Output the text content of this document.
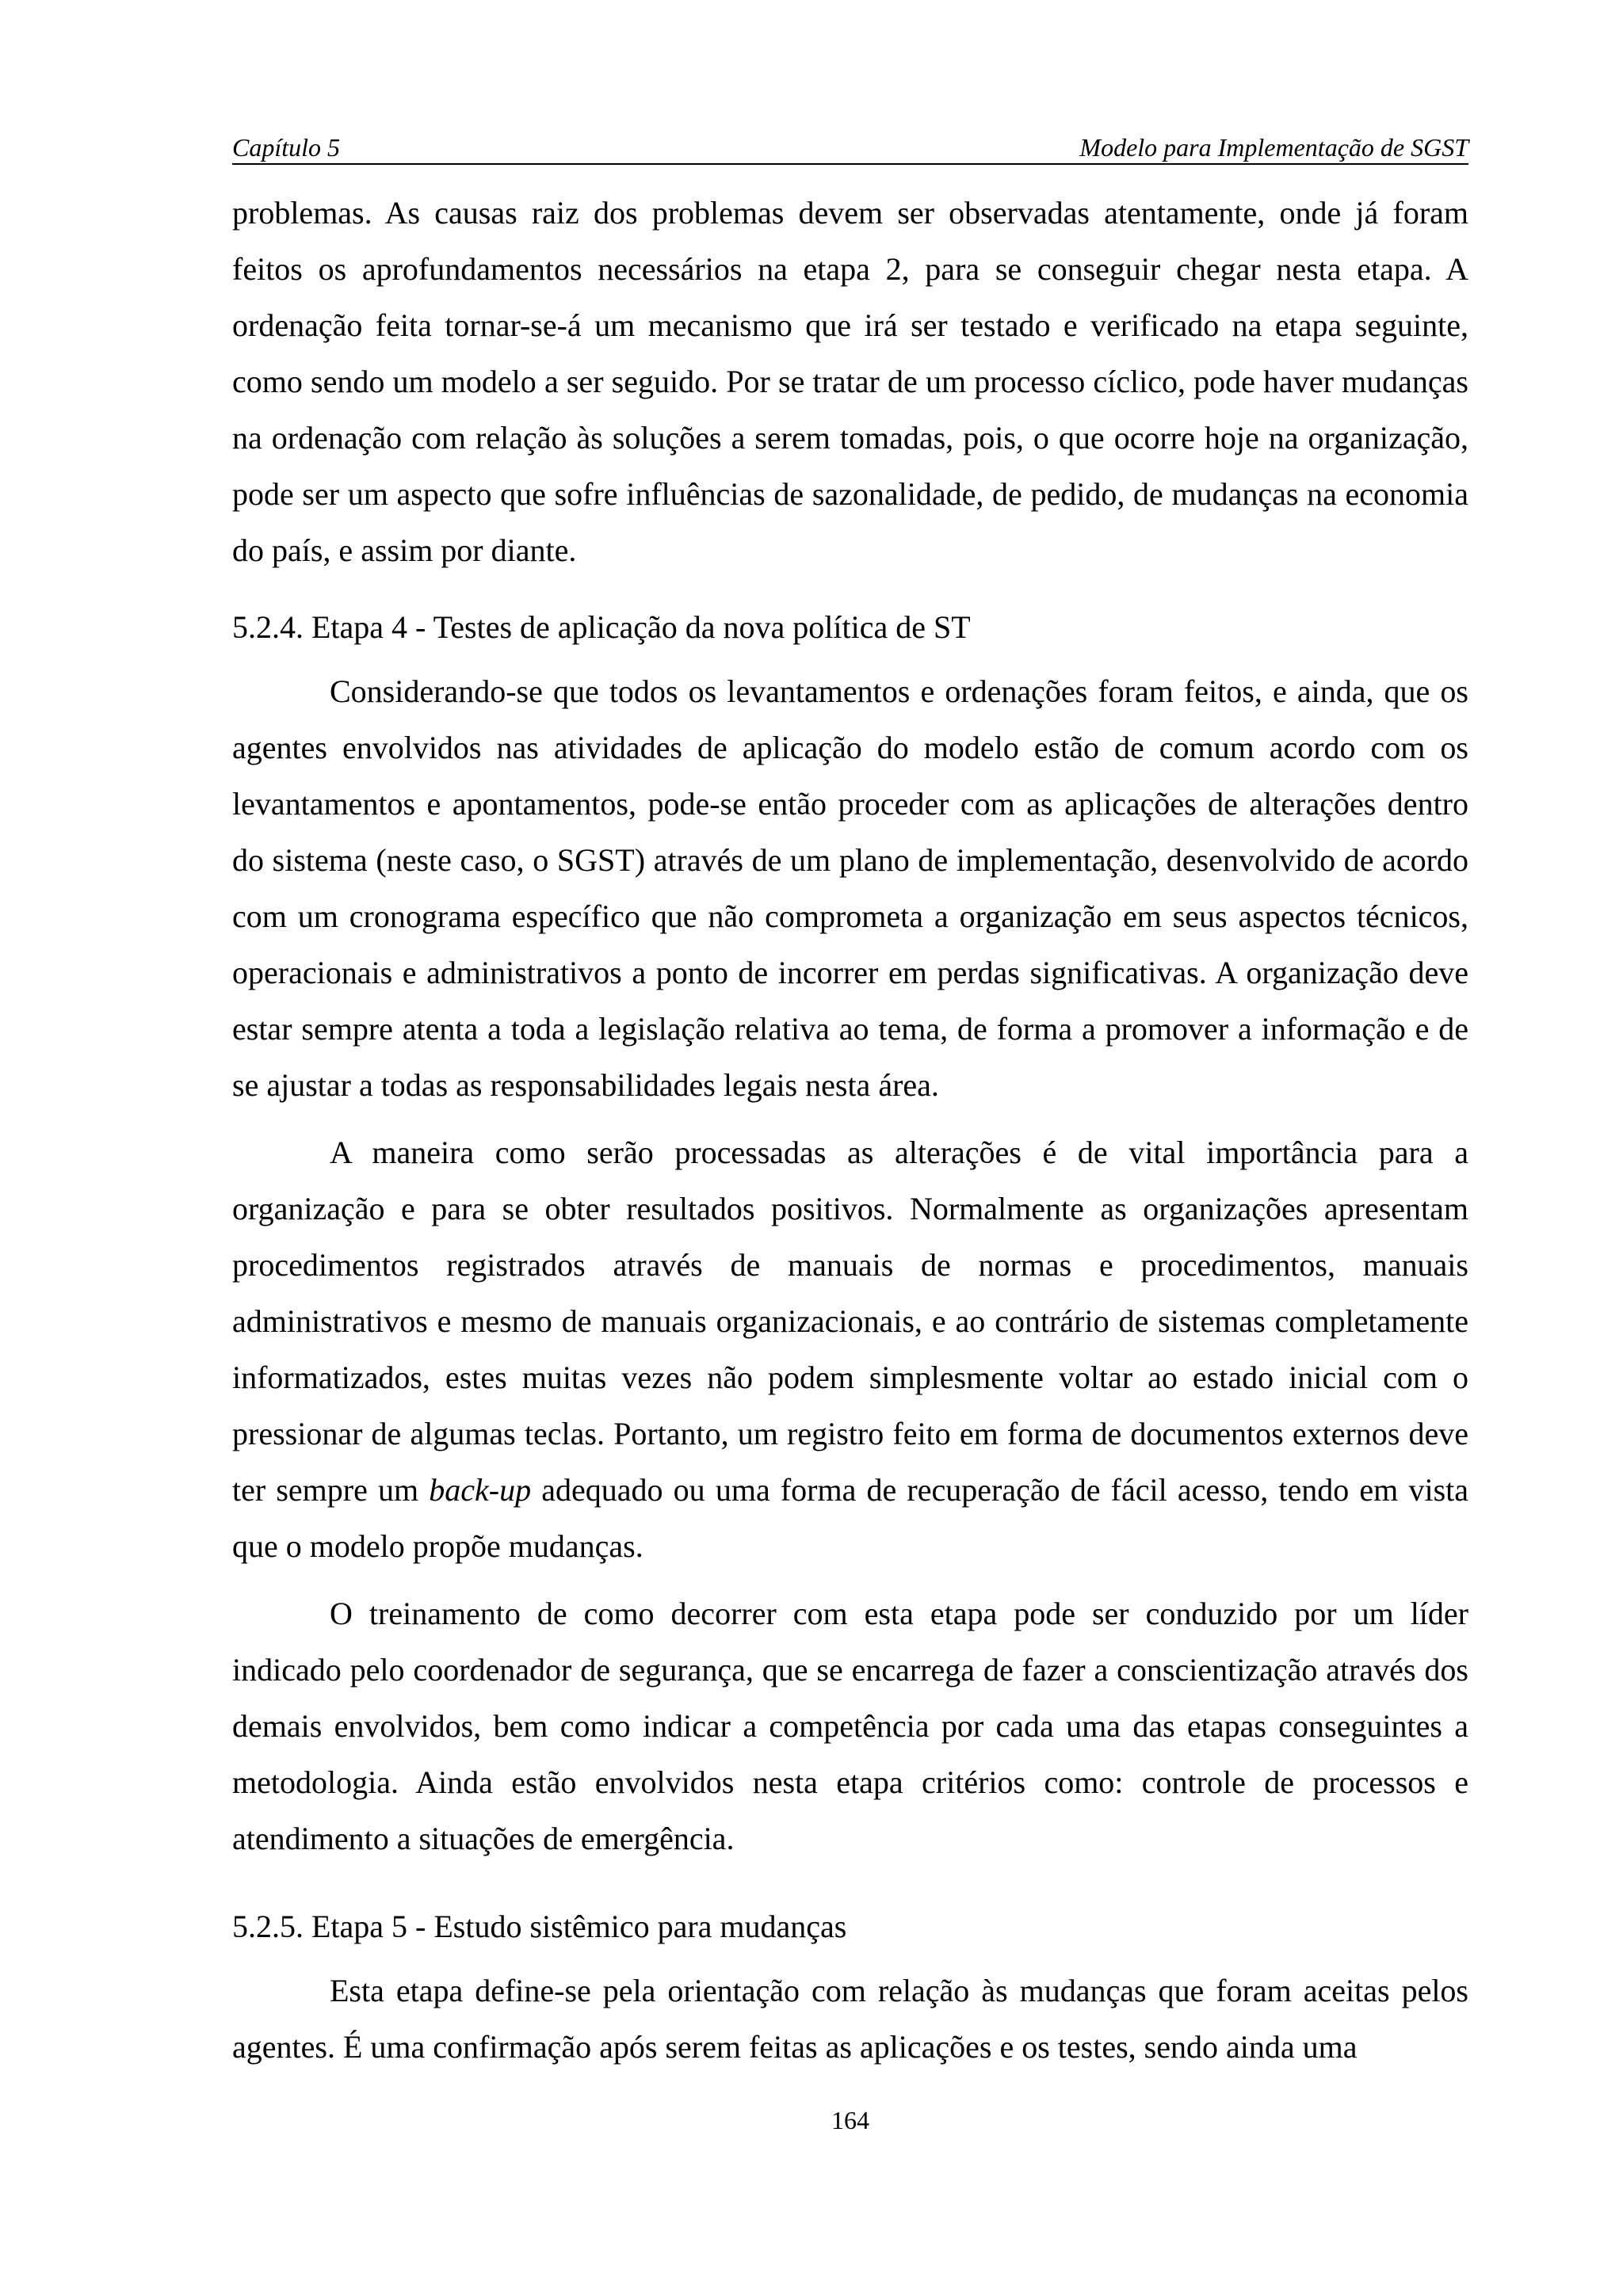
Capítulo 5	Modelo para Implementação de SGST

problemas. As causas raiz dos problemas devem ser observadas atentamente, onde já foram feitos os aprofundamentos necessários na etapa 2, para se conseguir chegar nesta etapa. A ordenação feita tornar-se-á um mecanismo que irá ser testado e verificado na etapa seguinte, como sendo um modelo a ser seguido. Por se tratar de um processo cíclico, pode haver mudanças na ordenação com relação às soluções a serem tomadas, pois, o que ocorre hoje na organização, pode ser um aspecto que sofre influências de sazonalidade, de pedido, de mudanças na economia do país, e assim por diante.

5.2.4. Etapa 4 - Testes de aplicação da nova política de ST

Considerando-se que todos os levantamentos e ordenações foram feitos, e ainda, que os agentes envolvidos nas atividades de aplicação do modelo estão de comum acordo com os levantamentos e apontamentos, pode-se então proceder com as aplicações de alterações dentro do sistema (neste caso, o SGST) através de um plano de implementação, desenvolvido de acordo com um cronograma específico que não comprometa a organização em seus aspectos técnicos, operacionais e administrativos a ponto de incorrer em perdas significativas. A organização deve estar sempre atenta a toda a legislação relativa ao tema, de forma a promover a informação e de se ajustar a todas as responsabilidades legais nesta área.

A maneira como serão processadas as alterações é de vital importância para a organização e para se obter resultados positivos. Normalmente as organizações apresentam procedimentos registrados através de manuais de normas e procedimentos, manuais administrativos e mesmo de manuais organizacionais, e ao contrário de sistemas completamente informatizados, estes muitas vezes não podem simplesmente voltar ao estado inicial com o pressionar de algumas teclas. Portanto, um registro feito em forma de documentos externos deve ter sempre um back-up adequado ou uma forma de recuperação de fácil acesso, tendo em vista que o modelo propõe mudanças.

O treinamento de como decorrer com esta etapa pode ser conduzido por um líder indicado pelo coordenador de segurança, que se encarrega de fazer a conscientização através dos demais envolvidos, bem como indicar a competência por cada uma das etapas conseguintes a metodologia. Ainda estão envolvidos nesta etapa critérios como: controle de processos e atendimento a situações de emergência.

5.2.5. Etapa 5 - Estudo sistêmico para mudanças

Esta etapa define-se pela orientação com relação às mudanças que foram aceitas pelos agentes. É uma confirmação após serem feitas as aplicações e os testes, sendo ainda uma

164
